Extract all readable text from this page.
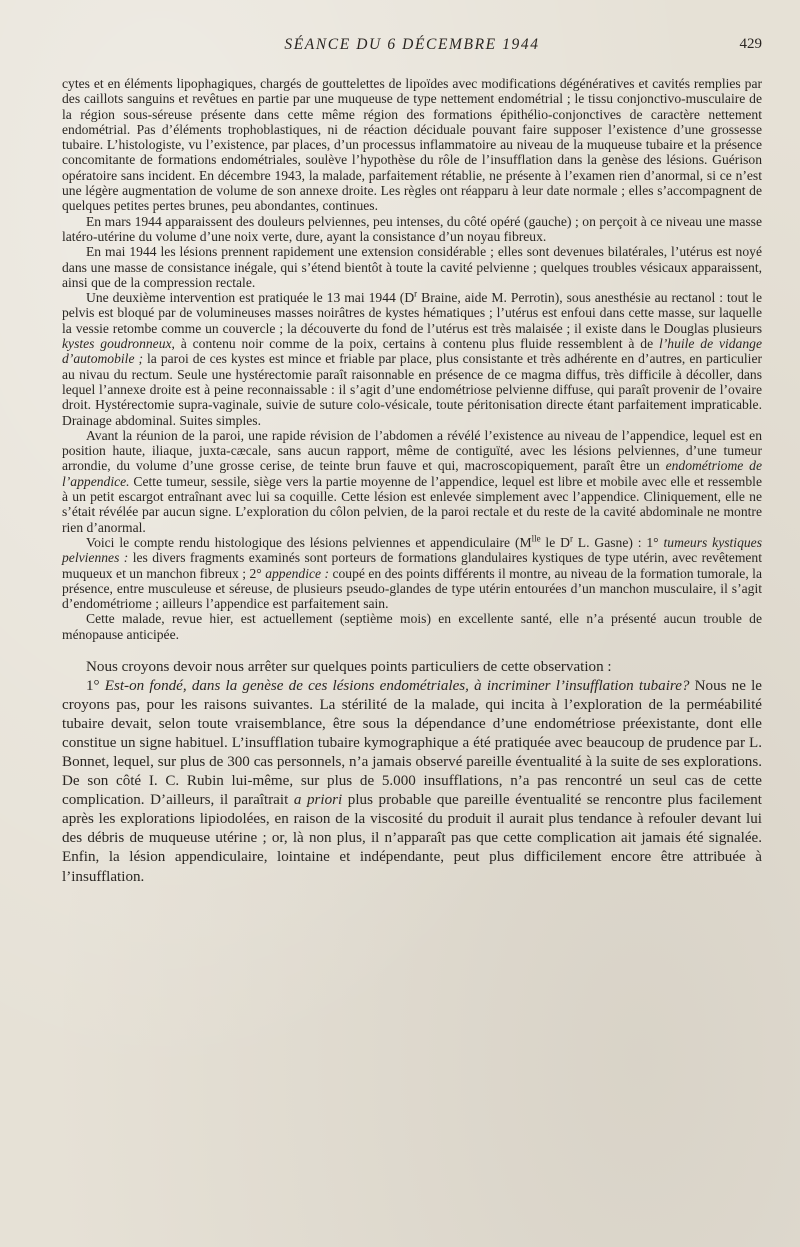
SÉANCE DU 6 DÉCEMBRE 1944	429

cytes et en éléments lipophagiques, chargés de gouttelettes de lipoïdes avec modifications dégénératives et cavités remplies par des caillots sanguins et revêtues en partie par une muqueuse de type nettement endométrial ; le tissu conjonctivo-musculaire de la région sous-séreuse présente dans cette même région des formations épithélio-conjonctives de caractère nettement endométrial. Pas d’éléments trophoblastiques, ni de réaction déciduale pouvant faire supposer l’existence d’une grossesse tubaire. L’histologiste, vu l’existence, par places, d’un processus inflammatoire au niveau de la muqueuse tubaire et la présence concomitante de formations endométriales, soulève l’hypothèse du rôle de l’insufflation dans la genèse des lésions. Guérison opératoire sans incident. En décembre 1943, la malade, parfaitement rétablie, ne présente à l’examen rien d’anormal, si ce n’est une légère augmentation de volume de son annexe droite. Les règles ont réapparu à leur date normale ; elles s’accompagnent de quelques petites pertes brunes, peu abondantes, continues.

En mars 1944 apparaissent des douleurs pelviennes, peu intenses, du côté opéré (gauche) ; on perçoit à ce niveau une masse latéro-utérine du volume d’une noix verte, dure, ayant la consistance d’un noyau fibreux.

En mai 1944 les lésions prennent rapidement une extension considérable ; elles sont devenues bilatérales, l’utérus est noyé dans une masse de consistance inégale, qui s’étend bientôt à toute la cavité pelvienne ; quelques troubles vésicaux apparaissent, ainsi que de la compression rectale.

Une deuxième intervention est pratiquée le 13 mai 1944 ($D^r$ Braine, aide M. Perrotin), sous anesthésie au rectanol : tout le pelvis est bloqué par de volumineuses masses noirâtres de kystes hématiques ; l’utérus est enfoui dans cette masse, sur laquelle la vessie retombe comme un couvercle ; la découverte du fond de l’utérus est très malaisée ; il existe dans le Douglas plusieurs kystes goudronneux, à contenu noir comme de la poix, certains à contenu plus fluide ressemblent à de l’huile de vidange d’automobile ; la paroi de ces kystes est mince et friable par place, plus consistante et très adhérente en d’autres, en particulier au nivau du rectum. Seule une hystérectomie paraît raisonnable en présence de ce magma diffus, très difficile à décoller, dans lequel l’annexe droite est à peine reconnaissable : il s’agit d’une endométriose pelvienne diffuse, qui paraît provenir de l’ovaire droit. Hystérectomie supra-vaginale, suivie de suture colo-vésicale, toute péritonisation directe étant parfaitement impraticable. Drainage abdominal. Suites simples.

Avant la réunion de la paroi, une rapide révision de l’abdomen a révélé l’existence au niveau de l’appendice, lequel est en position haute, iliaque, juxta-cæcale, sans aucun rapport, même de contiguïté, avec les lésions pelviennes, d’une tumeur arrondie, du volume d’une grosse cerise, de teinte brun fauve et qui, macroscopiquement, paraît être un endométriome de l’appendice. Cette tumeur, sessile, siège vers la partie moyenne de l’appendice, lequel est libre et mobile avec elle et ressemble à un petit escargot entraînant avec lui sa coquille. Cette lésion est enlevée simplement avec l’appendice. Cliniquement, elle ne s’était révélée par aucun signe. L’exploration du côlon pelvien, de la paroi rectale et du reste de la cavité abdominale ne montre rien d’anormal.

Voici le compte rendu histologique des lésions pelviennes et appendiculaire ($M^{lle}$ le $D^r$ L. Gasne) : 1° tumeurs kystiques pelviennes : les divers fragments examinés sont porteurs de formations glandulaires kystiques de type utérin, avec revêtement muqueux et un manchon fibreux ; 2° appendice : coupé en des points différents il montre, au niveau de la formation tumorale, la présence, entre musculeuse et séreuse, de plusieurs pseudo-glandes de type utérin entourées d’un manchon musculaire, il s’agit d’endométriome ; ailleurs l’appendice est parfaitement sain.

Cette malade, revue hier, est actuellement (septième mois) en excellente santé, elle n’a présenté aucun trouble de ménopause anticipée.

Nous croyons devoir nous arrêter sur quelques points particuliers de cette observation :

1° Est-on fondé, dans la genèse de ces lésions endométriales, à incriminer l’insufflation tubaire? Nous ne le croyons pas, pour les raisons suivantes. La stérilité de la malade, qui incita à l’exploration de la perméabilité tubaire devait, selon toute vraisemblance, être sous la dépendance d’une endométriose préexistante, dont elle constitue un signe habituel. L’insufflation tubaire kymographique a été pratiquée avec beaucoup de prudence par L. Bonnet, lequel, sur plus de 300 cas personnels, n’a jamais observé pareille éventualité à la suite de ses explorations. De son côté I. C. Rubin lui-même, sur plus de 5.000 insufflations, n’a pas rencontré un seul cas de cette complication. D’ailleurs, il paraîtrait a priori plus probable que pareille éventualité se rencontre plus facilement après les explorations lipiodolées, en raison de la viscosité du produit il aurait plus tendance à refouler devant lui des débris de muqueuse utérine ; or, là non plus, il n’apparaît pas que cette complication ait jamais été signalée. Enfin, la lésion appendiculaire, lointaine et indépendante, peut plus difficilement encore être attribuée à l’insufflation.
